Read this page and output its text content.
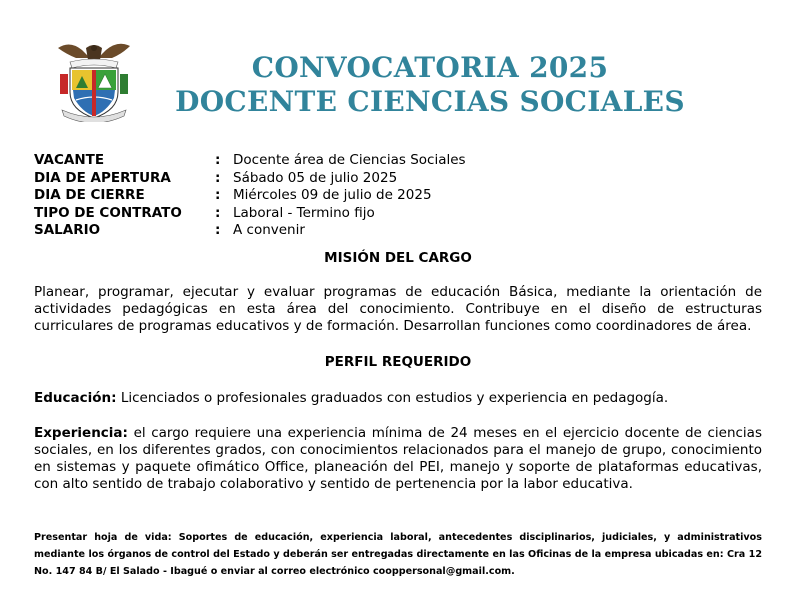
CONVOCATORIA 2025
DOCENTE CIENCIAS SOCIALES
VACANTE	: Docente área de Ciencias Sociales
DIA DE APERTURA	: Sábado 05 de julio 2025
DIA DE CIERRE	: Miércoles 09 de julio de 2025
TIPO DE CONTRATO	: Laboral - Termino fijo
SALARIO	: A convenir
MISIÓN DEL CARGO
Planear, programar, ejecutar y evaluar programas de educación Básica, mediante la orientación de actividades pedagógicas en esta área del conocimiento. Contribuye en el diseño de estructuras curriculares de programas educativos y de formación. Desarrollan funciones como coordinadores de área.
PERFIL REQUERIDO
Educación: Licenciados o profesionales graduados con estudios y experiencia en pedagogía.
Experiencia: el cargo requiere una experiencia mínima de 24 meses en el ejercicio docente de ciencias sociales, en los diferentes grados, con conocimientos relacionados para el manejo de grupo, conocimiento en sistemas y paquete ofimático Office, planeación del PEI, manejo y soporte de plataformas educativas, con alto sentido de trabajo colaborativo y sentido de pertenencia por la labor educativa.
Presentar hoja de vida: Soportes de educación, experiencia laboral, antecedentes disciplinarios, judiciales, y administrativos mediante los órganos de control del Estado y deberán ser entregadas directamente en las Oficinas de la empresa ubicadas en: Cra 12 No. 147 84 B/ El Salado - Ibagué o enviar al correo electrónico cooppersonal@gmail.com.
